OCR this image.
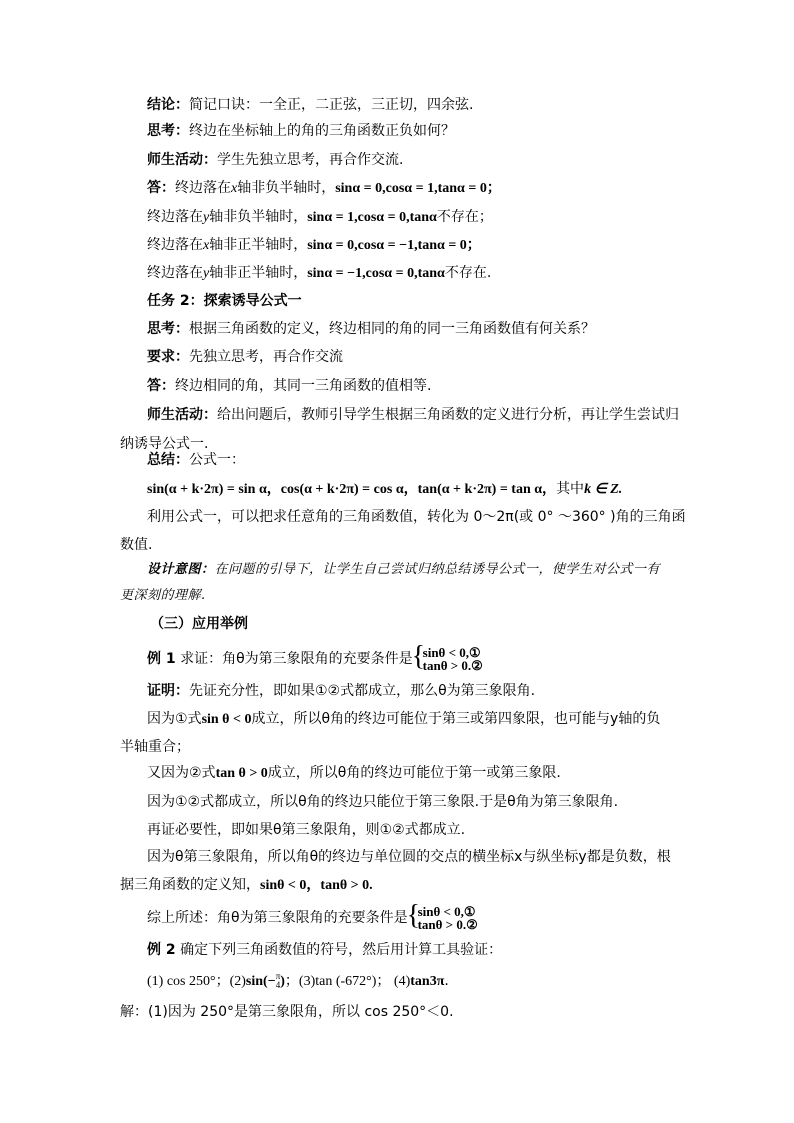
结论：简记口诀：一全正，二正弦，三正切，四余弦.
思考：终边在坐标轴上的角的三角函数正负如何？
师生活动：学生先独立思考，再合作交流.
答：终边落在x轴非负半轴时，sinα = 0,cosα = 1,tanα = 0；
终边落在y轴非负半轴时，sinα = 1,cosα = 0,tanα不存在；
终边落在x轴非正半轴时，sinα = 0,cosα = −1,tanα = 0；
终边落在y轴非正半轴时，sinα = −1,cosα = 0,tanα不存在.
任务 2：探索诱导公式一
思考：根据三角函数的定义，终边相同的角的同一三角函数值有何关系？
要求：先独立思考，再合作交流
答：终边相同的角，其同一三角函数的值相等.
师生活动：给出问题后，教师引导学生根据三角函数的定义进行分析，再让学生尝试归
纳诱导公式一.
总结：公式一：
sin(α + k·2π) = sin α，cos(α + k·2π) = cos α，tan(α + k·2π) = tan α，其中k ∈ Z.
利用公式一，可以把求任意角的三角函数值，转化为 0～2π(或 0° ～360° )角的三角函
数值.
设计意图：在问题的引导下，让学生自己尝试归纳总结诱导公式一，使学生对公式一有
更深刻的理解.
（三）应用举例
例 1 求证：角θ为第三象限角的充要条件是 { sinθ < 0,①
tanθ > 0.②
证明：先证充分性，即如果①②式都成立，那么θ为第三象限角.
因为①式sin θ < 0成立，所以θ角的终边可能位于第三或第四象限，也可能与y轴的负
半轴重合；
又因为②式tan θ > 0成立，所以θ角的终边可能位于第一或第三象限.
因为①②式都成立，所以θ角的终边只能位于第三象限.于是θ角为第三象限角.
再证必要性，即如果θ第三象限角，则①②式都成立.
因为θ第三象限角，所以角θ的终边与单位圆的交点的横坐标x与纵坐标y都是负数，根
据三角函数的定义知，sinθ < 0，tanθ > 0.
综上所述：角θ为第三象限角的充要条件是 { sinθ < 0,①
tanθ > 0.②
例 2 确定下列三角函数值的符号，然后用计算工具验证：
(1) cos 250°；(2)sin(− π
4 )；(3)tan (-672°)； (4)tan3π.
解：(1)因为 250°是第三象限角，所以 cos 250°＜0.
